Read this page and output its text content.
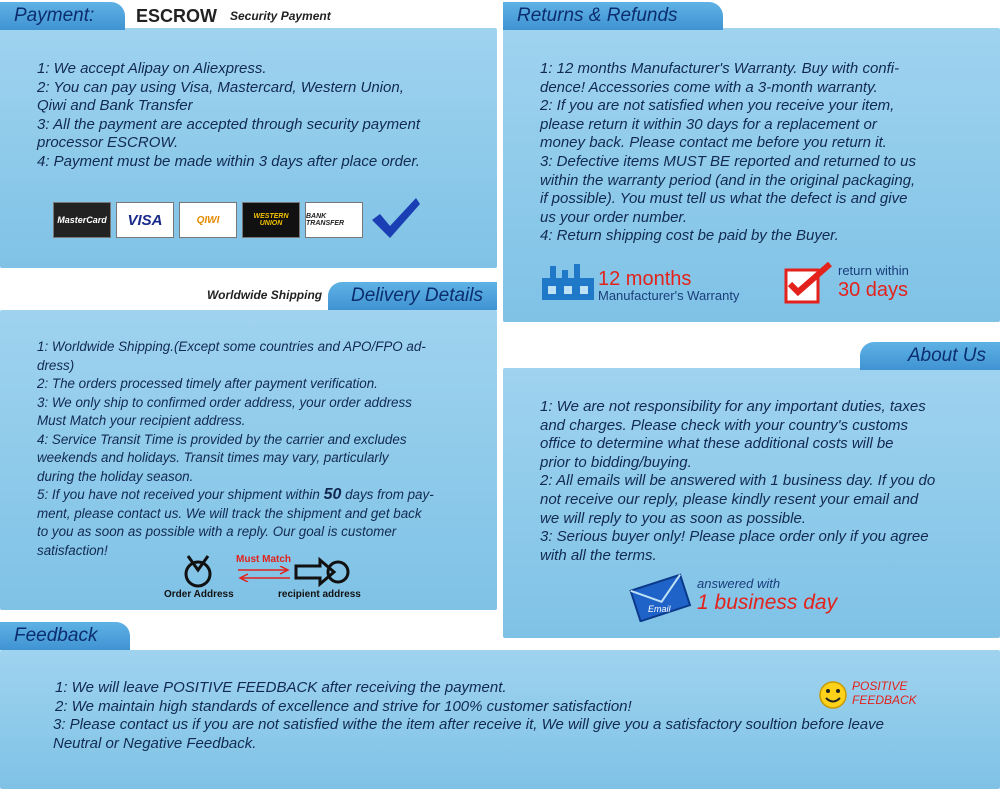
Payment:	ESCROW Security Payment
1: We accept Alipay on Aliexpress.
2: You can pay using Visa, Mastercard, Western Union,
Qiwi and Bank Transfer
3: All the payment are accepted through security payment
processor ESCROW.
4: Payment must be made within 3 days after place order.
MasterCard VISA	QIWI	WESTERN UNION
BANK TRANSFER
Returns & Refunds
1: 12 months Manufacturer's Warranty. Buy with confi-
dence! Accessories come with a 3-month warranty.
2: If you are not satisfied when you receive your item,
please return it within 30 days for a replacement or
money back. Please contact me before you return it.
3: Defective items MUST BE reported and returned to us
within the warranty period (and in the original packaging,
if possible). You must tell us what the defect is and give
us your order number.
4: Return shipping cost be paid by the Buyer.
12 months
Manufacturer's Warranty
return within
30 days
Worldwide Shipping	Delivery Details
1: Worldwide Shipping.(Except some countries and APO/FPO ad-
dress)
2: The orders processed timely after payment verification.
3: We only ship to confirmed order address, your order address
Must Match your recipient address.
4: Service Transit Time is provided by the carrier and excludes
weekends and holidays. Transit times may vary, particularly
during the holiday season.
5: If you have not received your shipment within 50 days from pay-
ment, please contact us. We will track the shipment and get back
to you as soon as possible with a reply. Our goal is customer
satisfaction!
Order Address
Must Match
recipient address
About Us
1: We are not responsibility for any important duties, taxes
and charges. Please check with your country's customs
office to determine what these additional costs will be
prior to bidding/buying.
2: All emails will be answered with 1 business day. If you do
not receive our reply, please kindly resent your email and
we will reply to you as soon as possible.
3: Serious buyer only! Please place order only if you agree
with all the terms.
Email
answered with
1 business day
Feedback
1: We will leave POSITIVE FEEDBACK after receiving the payment.
2: We maintain high standards of excellence and strive for 100% customer satisfaction!
3: Please contact us if you are not satisfied withe the item after receive it, We will give you a satisfactory soultion before leave
Neutral or Negative Feedback.
POSITIVE
FEEDBACK
